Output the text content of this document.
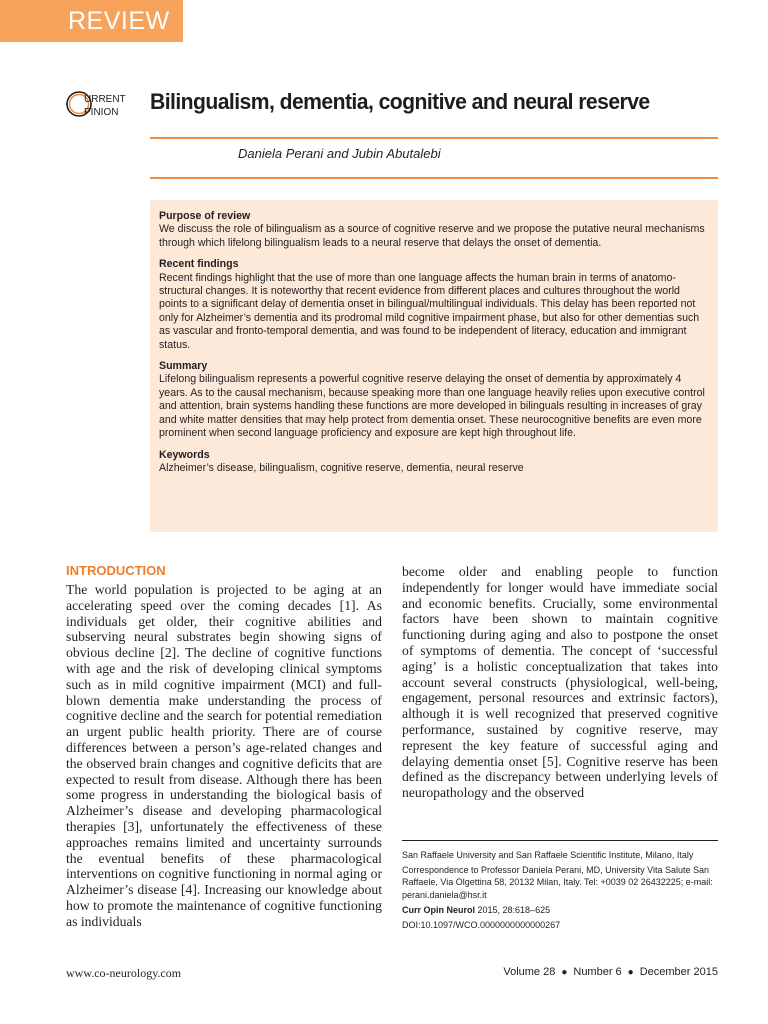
REVIEW
URRENT
PINION Bilingualism, dementia, cognitive and neural reserve
Daniela Perani and Jubin Abutalebi
Purpose of review

We discuss the role of bilingualism as a source of cognitive reserve and we propose the putative neural mechanisms through which lifelong bilingualism leads to a neural reserve that delays the onset of dementia.

Recent findings

Recent findings highlight that the use of more than one language affects the human brain in terms of anatomo-structural changes. It is noteworthy that recent evidence from different places and cultures throughout the world points to a significant delay of dementia onset in bilingual/multilingual individuals. This delay has been reported not only for Alzheimer’s dementia and its prodromal mild cognitive impairment phase, but also for other dementias such as vascular and fronto-temporal dementia, and was found to be independent of literacy, education and immigrant status.

Summary

Lifelong bilingualism represents a powerful cognitive reserve delaying the onset of dementia by approximately 4 years. As to the causal mechanism, because speaking more than one language heavily relies upon executive control and attention, brain systems handling these functions are more developed in bilinguals resulting in increases of gray and white matter densities that may help protect from dementia onset. These neurocognitive benefits are even more prominent when second language proficiency and exposure are kept high throughout life.

Keywords

Alzheimer’s disease, bilingualism, cognitive reserve, dementia, neural reserve

INTRODUCTION

The world population is projected to be aging at an accelerating speed over the coming decades [1]. As individuals get older, their cognitive abilities and subserving neural substrates begin showing signs of obvious decline [2]. The decline of cognitive functions with age and the risk of developing clinical symptoms such as in mild cognitive impairment (MCI) and full-blown dementia make understanding the process of cognitive decline and the search for potential remediation an urgent public health priority. There are of course differences between a person’s age-related changes and the observed brain changes and cognitive deficits that are expected to result from disease. Although there has been some progress in understanding the biological basis of Alzheimer’s disease and developing pharmacological therapies [3], unfortunately the effectiveness of these approaches remains limited and uncertainty surrounds the eventual benefits of these pharmacological interventions on cognitive functioning in normal aging or Alzheimer’s disease [4]. Increasing our knowledge about how to promote the maintenance of cognitive functioning as individuals

become older and enabling people to function independently for longer would have immediate social and economic benefits. Crucially, some environmental factors have been shown to maintain cognitive functioning during aging and also to postpone the onset of symptoms of dementia. The concept of ‘successful aging’ is a holistic conceptualization that takes into account several constructs (physiological, well-being, engagement, personal resources and extrinsic factors), although it is well recognized that preserved cognitive performance, sustained by cognitive reserve, may represent the key feature of successful aging and delaying dementia onset [5]. Cognitive reserve has been defined as the discrepancy between underlying levels of neuropathology and the observed

San Raffaele University and San Raffaele Scientific Institute, Milano, Italy

Correspondence to Professor Daniela Perani, MD, University Vita Salute San Raffaele, Via Olgettina 58, 20132 Milan, Italy. Tel: +0039 02 26432225; e-mail: perani.daniela@hsr.it

Curr Opin Neurol 2015, 28:618–625

DOI:10.1097/WCO.0000000000000267

www.co-neurology.com	Volume 28 ● Number 6 ● December 2015
